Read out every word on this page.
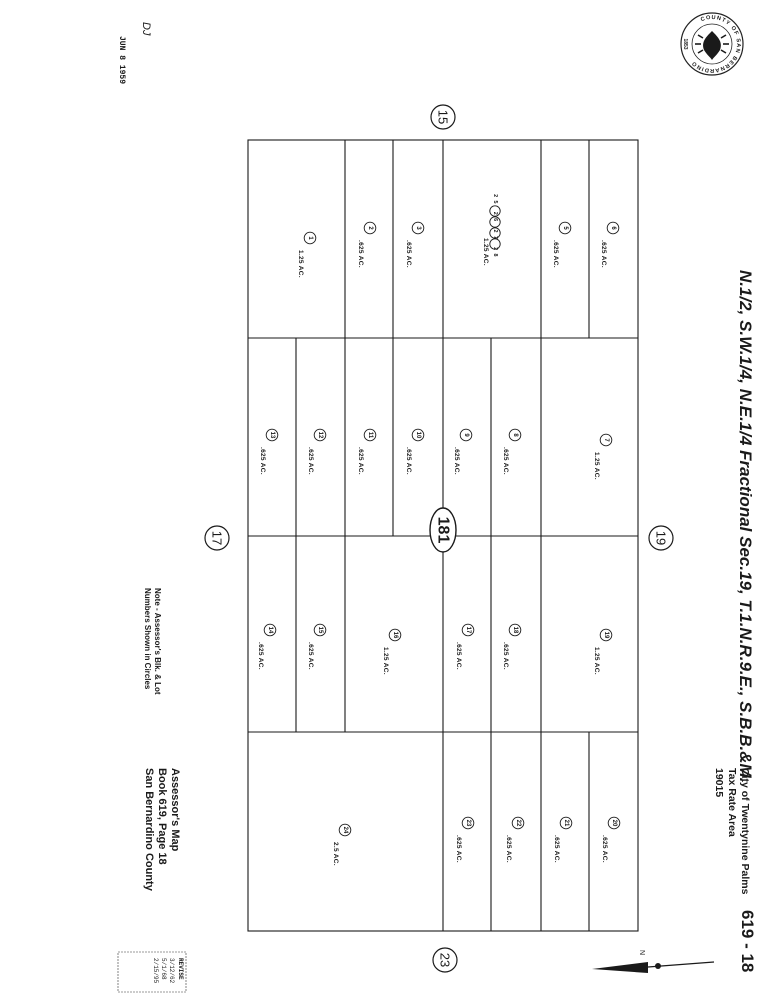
COUNTY OF SAN BERNARDINO
1853
JUN 8 1959
DJ
N.1/2, S.W.1/4, N.E.1/4 Fractional Sec.19, T.1.N.R.9.E., S.B.B.&M.
City of Twentynine Palms
Tax Rate Area
19015
619 - 18
N
REVISE
3/12/62
5/1/68
2/15/95
Assessor's Map
Book 619, Page 18
San Bernardino County
Note - Assessor's Blk. & Lot
Numbers Shown in Circles
15
19
17
23
181
1
1.25 AC.
2
.625 AC.
3
.625 AC.	25 26 27 28
1.25 AC.
5
.625 AC.
6
.625 AC.
7
1.25 AC.
8
.625 AC.
9
.625 AC.
10
.625 AC.
11
.625 AC.
12
.625 AC.
13
.625 AC.
14
.625 AC.
15
.625 AC.
16
1.25 AC.
17
.625 AC.
18
.625 AC.
19
1.25 AC.
20
.625 AC.
21
.625 AC.
22
.625 AC.
23
.625 AC.
24
2.5 AC.
